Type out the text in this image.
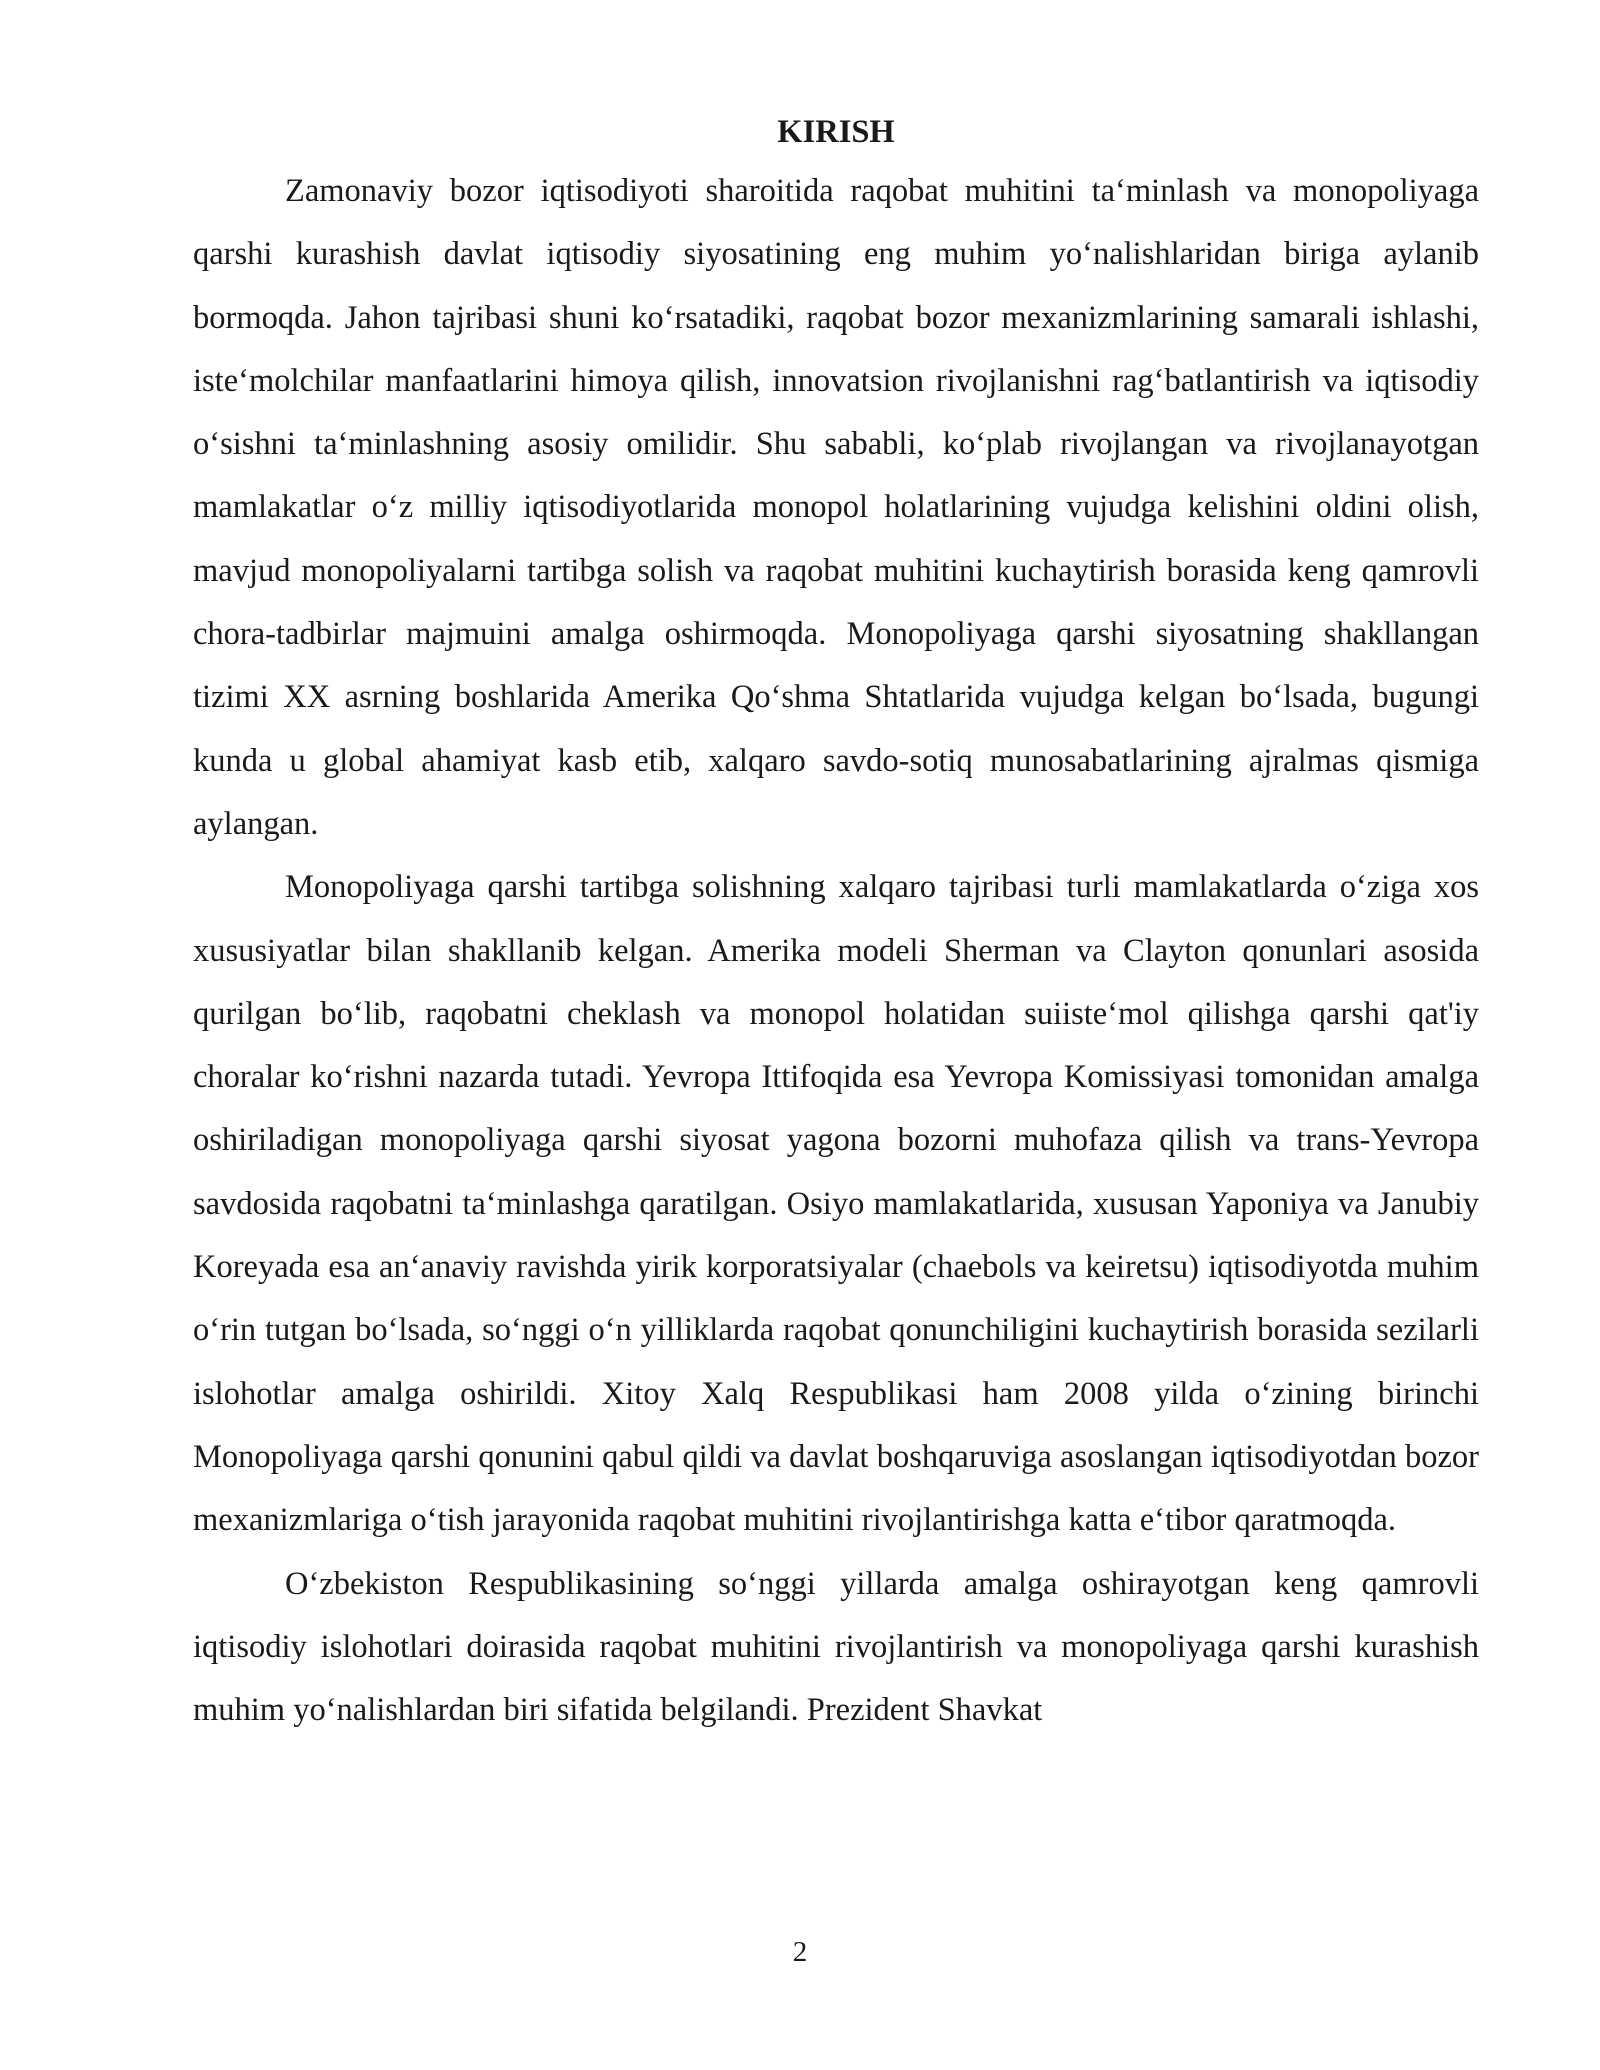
KIRISH

Zamonaviy bozor iqtisodiyoti sharoitida raqobat muhitini ta‘minlash va monopoliyaga qarshi kurashish davlat iqtisodiy siyosatining eng muhim yo‘nalishlaridan biriga aylanib bormoqda. Jahon tajribasi shuni ko‘rsatadiki, raqobat bozor mexanizmlarining samarali ishlashi, iste‘molchilar manfaatlarini himoya qilish, innovatsion rivojlanishni rag‘batlantirish va iqtisodiy o‘sishni ta‘minlashning asosiy omilidir. Shu sababli, ko‘plab rivojlangan va rivojlanayotgan mamlakatlar o‘z milliy iqtisodiyotlarida monopol holatlarining vujudga kelishini oldini olish, mavjud monopoliyalarni tartibga solish va raqobat muhitini kuchaytirish borasida keng qamrovli chora-tadbirlar majmuini amalga oshirmoqda. Monopoliyaga qarshi siyosatning shakllangan tizimi XX asrning boshlarida Amerika Qo‘shma Shtatlarida vujudga kelgan bo‘lsada, bugungi kunda u global ahamiyat kasb etib, xalqaro savdo-sotiq munosabatlarining ajralmas qismiga aylangan.

Monopoliyaga qarshi tartibga solishning xalqaro tajribasi turli mamlakatlarda o‘ziga xos xususiyatlar bilan shakllanib kelgan. Amerika modeli Sherman va Clayton qonunlari asosida qurilgan bo‘lib, raqobatni cheklash va monopol holatidan suiiste‘mol qilishga qarshi qat'iy choralar ko‘rishni nazarda tutadi. Yevropa Ittifoqida esa Yevropa Komissiyasi tomonidan amalga oshiriladigan monopoliyaga qarshi siyosat yagona bozorni muhofaza qilish va trans-Yevropa savdosida raqobatni ta‘minlashga qaratilgan. Osiyo mamlakatlarida, xususan Yaponiya va Janubiy Koreyada esa an‘anaviy ravishda yirik korporatsiyalar (chaebols va keiretsu) iqtisodiyotda muhim o‘rin tutgan bo‘lsada, so‘nggi o‘n yilliklarda raqobat qonunchiligini kuchaytirish borasida sezilarli islohotlar amalga oshirildi. Xitoy Xalq Respublikasi ham 2008 yilda o‘zining birinchi Monopoliyaga qarshi qonunini qabul qildi va davlat boshqaruviga asoslangan iqtisodiyotdan bozor mexanizmlariga o‘tish jarayonida raqobat muhitini rivojlantirishga katta e‘tibor qaratmoqda.

O‘zbekiston Respublikasining so‘nggi yillarda amalga oshirayotgan keng qamrovli iqtisodiy islohotlari doirasida raqobat muhitini rivojlantirish va monopoliyaga qarshi kurashish muhim yo‘nalishlardan biri sifatida belgilandi. Prezident Shavkat

2
